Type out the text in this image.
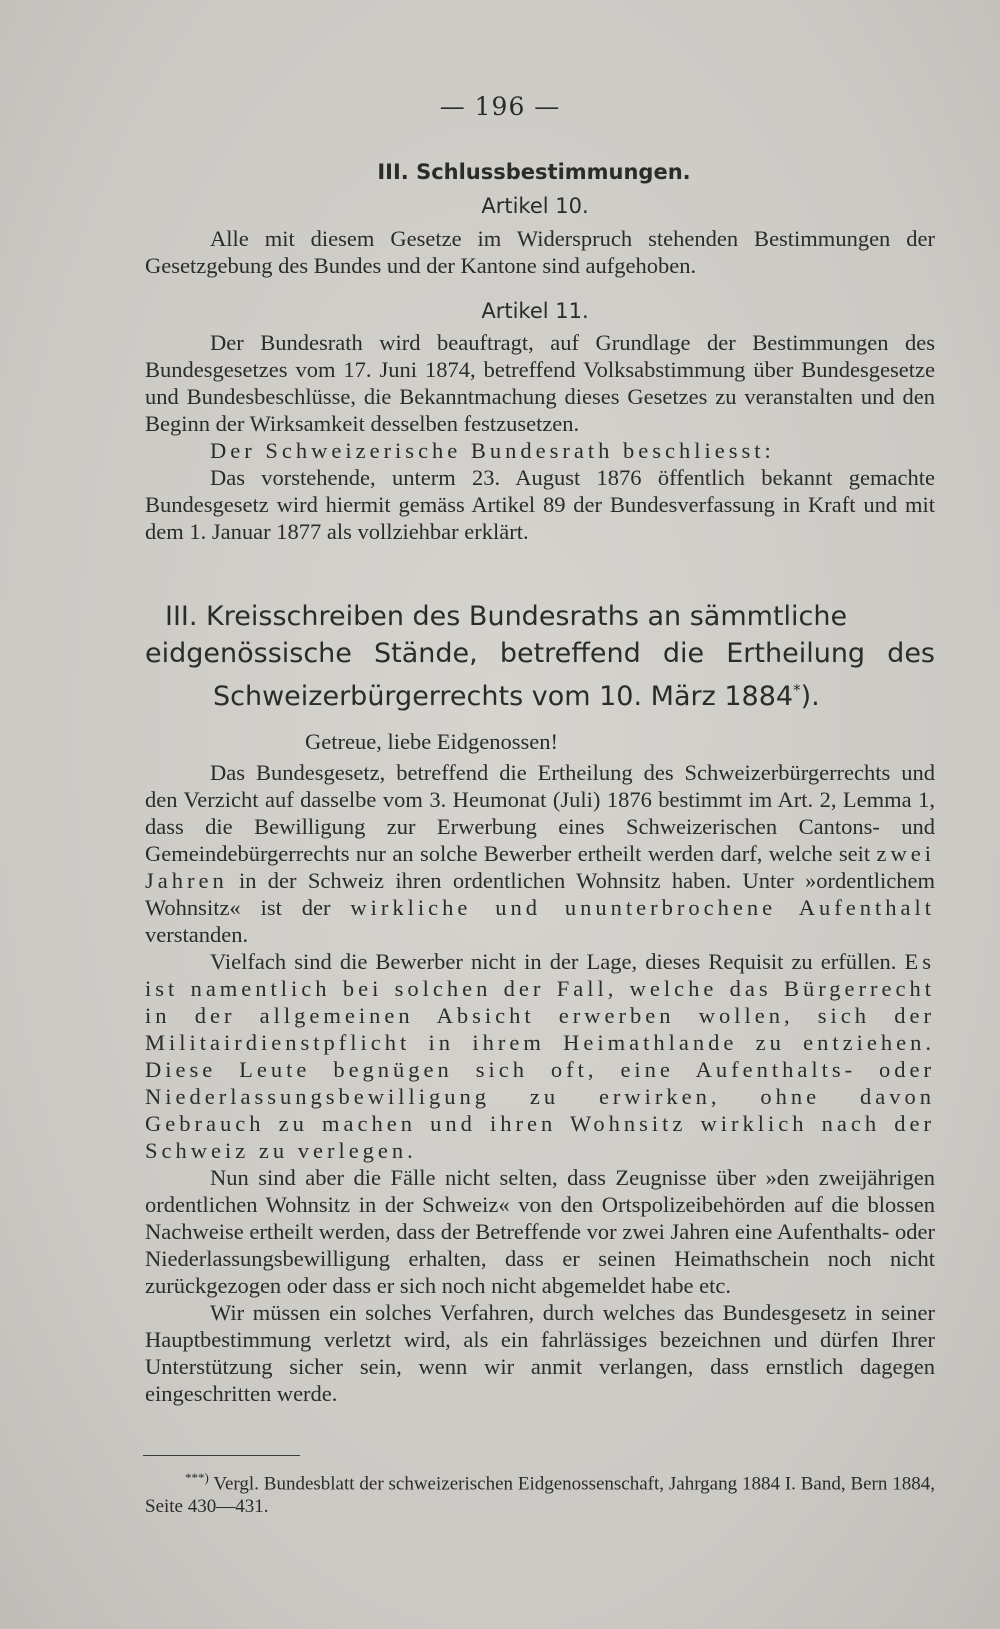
— 196 —
III. Schlussbestimmungen.
Artikel 10.

Alle mit diesem Gesetze im Widerspruch stehenden Bestimmungen der Gesetzgebung des Bundes und der Kantone sind aufgehoben.

Artikel 11.

Der Bundesrath wird beauftragt, auf Grundlage der Bestimmungen des Bundesgesetzes vom 17. Juni 1874, betreffend Volksabstimmung über Bundesgesetze und Bundesbeschlüsse, die Bekanntmachung dieses Gesetzes zu veranstalten und den Beginn der Wirksamkeit desselben festzusetzen.

Der Schweizerische Bundesrath beschliesst:

Das vorstehende, unterm 23. August 1876 öffentlich bekannt gemachte Bundesgesetz wird hiermit gemäss Artikel 89 der Bundesverfassung in Kraft und mit dem 1. Januar 1877 als vollziehbar erklärt.

III. Kreisschreiben des Bundesraths an sämmtliche
eidgenössische Stände, betreffend die Ertheilung des
Schweizerbürgerrechts vom 10. März 1884*).

Getreue, liebe Eidgenossen!

Das Bundesgesetz, betreffend die Ertheilung des Schweizerbürgerrechts und den Verzicht auf dasselbe vom 3. Heumonat (Juli) 1876 bestimmt im Art. 2, Lemma 1, dass die Bewilligung zur Erwerbung eines Schweizerischen Cantons- und Gemeindebürgerrechts nur an solche Bewerber ertheilt werden darf, welche seit zwei Jahren in der Schweiz ihren ordentlichen Wohnsitz haben. Unter »ordentlichem Wohnsitz« ist der wirkliche und ununterbrochene Aufenthalt verstanden.

Vielfach sind die Bewerber nicht in der Lage, dieses Requisit zu erfüllen. Es ist namentlich bei solchen der Fall, welche das Bürgerrecht in der allgemeinen Absicht erwerben wollen, sich der Militairdienstpflicht in ihrem Heimathlande zu entziehen. Diese Leute begnügen sich oft, eine Aufenthalts- oder Niederlassungsbewilligung zu erwirken, ohne davon Gebrauch zu machen und ihren Wohnsitz wirklich nach der Schweiz zu verlegen.

Nun sind aber die Fälle nicht selten, dass Zeugnisse über »den zweijährigen ordentlichen Wohnsitz in der Schweiz« von den Ortspolizeibehörden auf die blossen Nachweise ertheilt werden, dass der Betreffende vor zwei Jahren eine Aufenthalts- oder Niederlassungsbewilligung erhalten, dass er seinen Heimathschein noch nicht zurückgezogen oder dass er sich noch nicht abgemeldet habe etc.

Wir müssen ein solches Verfahren, durch welches das Bundesgesetz in seiner Hauptbestimmung verletzt wird, als ein fahrlässiges bezeichnen und dürfen Ihrer Unterstützung sicher sein, wenn wir anmit verlangen, dass ernstlich dagegen eingeschritten werde.

***) Vergl. Bundesblatt der schweizerischen Eidgenossenschaft, Jahrgang 1884 I. Band, Bern 1884, Seite 430—431.
